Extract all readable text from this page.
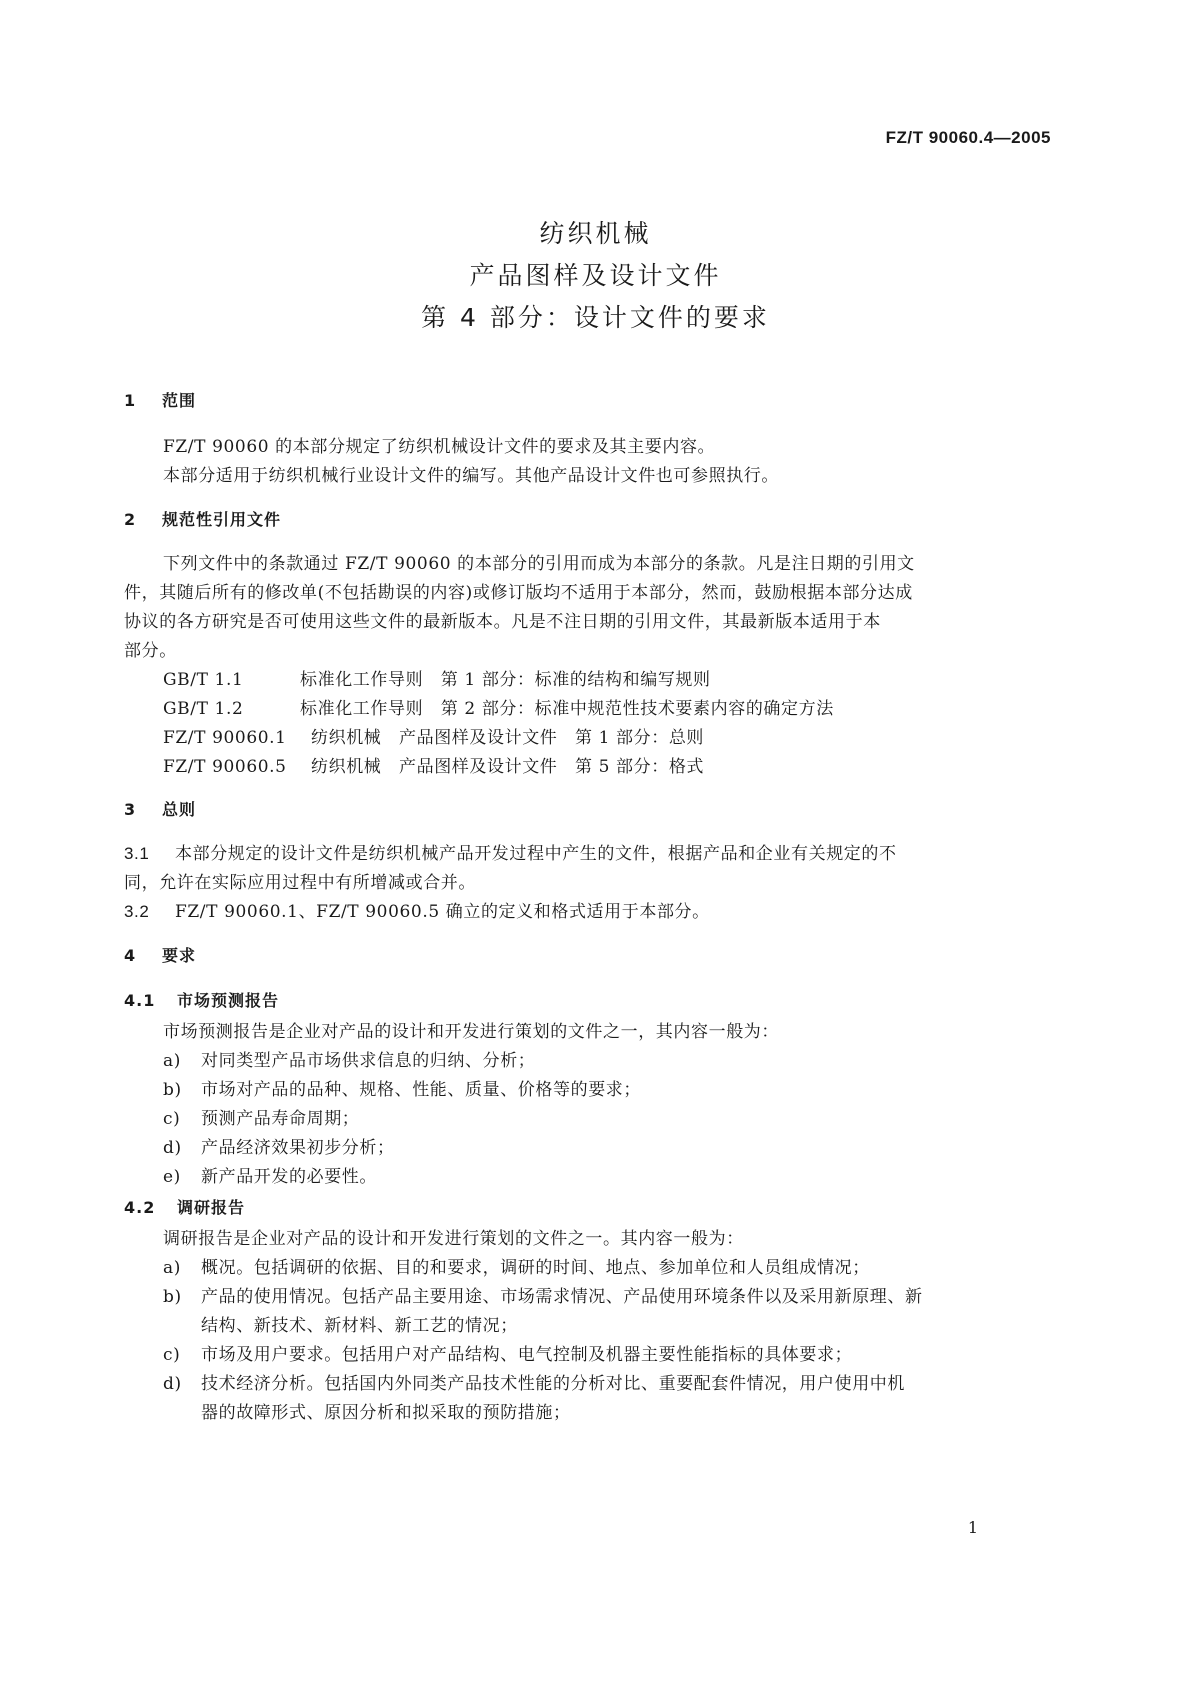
FZ/T 90060.4—2005
纺织机械
产品图样及设计文件
第 4 部分：设计文件的要求
1 范围
FZ/T 90060 的本部分规定了纺织机械设计文件的要求及其主要内容。
本部分适用于纺织机械行业设计文件的编写。其他产品设计文件也可参照执行。
2 规范性引用文件
下列文件中的条款通过 FZ/T 90060 的本部分的引用而成为本部分的条款。凡是注日期的引用文
件，其随后所有的修改单(不包括勘误的内容)或修订版均不适用于本部分，然而，鼓励根据本部分达成
协议的各方研究是否可使用这些文件的最新版本。凡是不注日期的引用文件，其最新版本适用于本
部分。
GB/T 1.1	标准化工作导则　第 1 部分：标准的结构和编写规则
GB/T 1.2	标准化工作导则　第 2 部分：标准中规范性技术要素内容的确定方法
FZ/T 90060.1 纺织机械　产品图样及设计文件　第 1 部分：总则
FZ/T 90060.5 纺织机械　产品图样及设计文件　第 5 部分：格式
3 总则
3.1 本部分规定的设计文件是纺织机械产品开发过程中产生的文件，根据产品和企业有关规定的不
同，允许在实际应用过程中有所增减或合并。
3.2 FZ/T 90060.1、FZ/T 90060.5 确立的定义和格式适用于本部分。
4 要求
4.1 市场预测报告
市场预测报告是企业对产品的设计和开发进行策划的文件之一，其内容一般为：
a) 对同类型产品市场供求信息的归纳、分析；
b) 市场对产品的品种、规格、性能、质量、价格等的要求；
c) 预测产品寿命周期；
d) 产品经济效果初步分析；
e) 新产品开发的必要性。
4.2 调研报告
调研报告是企业对产品的设计和开发进行策划的文件之一。其内容一般为：
a) 概况。包括调研的依据、目的和要求，调研的时间、地点、参加单位和人员组成情况；
b) 产品的使用情况。包括产品主要用途、市场需求情况、产品使用环境条件以及采用新原理、新
结构、新技术、新材料、新工艺的情况；
c) 市场及用户要求。包括用户对产品结构、电气控制及机器主要性能指标的具体要求；
d) 技术经济分析。包括国内外同类产品技术性能的分析对比、重要配套件情况，用户使用中机
器的故障形式、原因分析和拟采取的预防措施；
1
